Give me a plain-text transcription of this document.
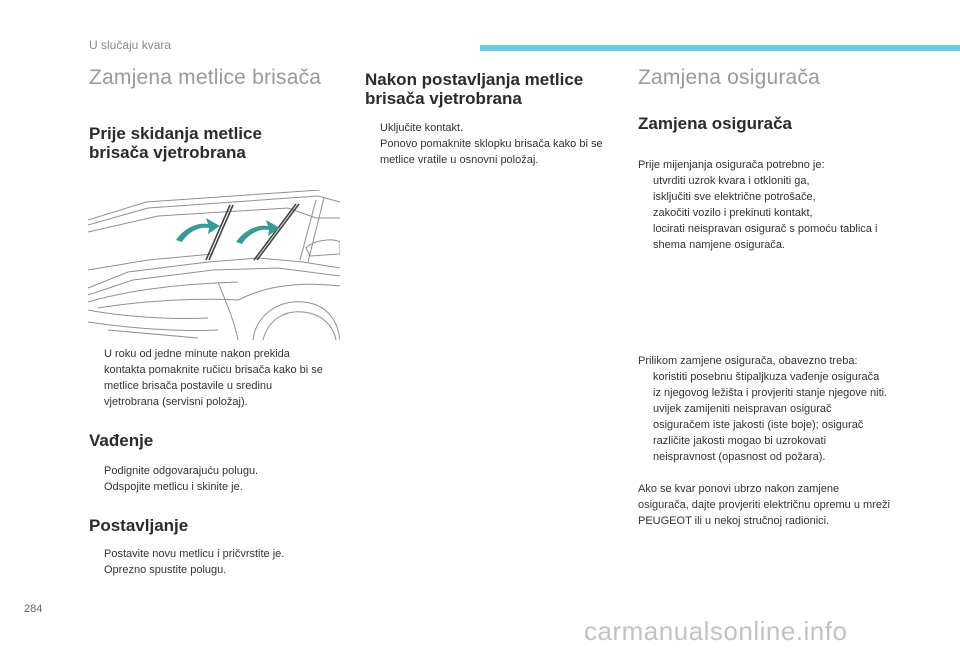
U slučaju kvara
Zamjena metlice brisača
Prije skidanja metlice brisača vjetrobrana
U roku od jedne minute nakon prekida kontakta pomaknite ručicu brisača kako bi se metlice brisača postavile u sredinu vjetrobrana (servisni položaj).
Vađenje
Podignite odgovarajuću polugu.
Odspojite metlicu i skinite je.
Postavljanje
Postavite novu metlicu i pričvrstite je.
Oprezno spustite polugu.
Nakon postavljanja metlice brisača vjetrobrana
Uključite kontakt.
Ponovo pomaknite sklopku brisača kako bi se metlice vratile u osnovni položaj.
Zamjena osigurača
Zamjena osigurača
Prije mijenjanja osigurača potrebno je:
utvrditi uzrok kvara i otkloniti ga,
isključiti sve električne potrošače,
zakočiti vozilo i prekinuti kontakt,
locirati neispravan osigurač s pomoću tablica i shema namjene osigurača.
Prilikom zamjene osigurača, obavezno treba:
koristiti posebnu štipaljkuza vađenje osigurača iz njegovog ležišta i provjeriti stanje njegove niti.
uvijek zamijeniti neispravan osigurač osiguračem iste jakosti (iste boje); osigurač različite jakosti mogao bi uzrokovati neispravnost (opasnost od požara).
Ako se kvar ponovi ubrzo nakon zamjene osigurača, dajte provjeriti električnu opremu u mreži PEUGEOT ili u nekoj stručnoj radionici.
284
carmanualsonline.info
